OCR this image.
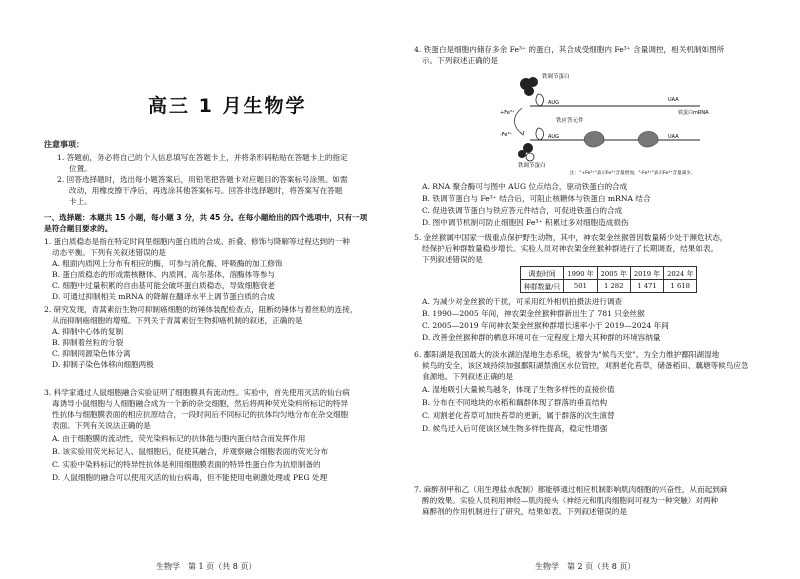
高三 1 月生物学
注意事项：

1. 答题前，务必将自己的个人信息填写在答题卡上，并将条形码粘贴在答题卡上的指定

位置。

2. 回答选择题时，选出每小题答案后，用铅笔把答题卡对应题目的答案标号涂黑。如需

改动，用橡皮擦干净后，再选涂其他答案标号。回答非选择题时，将答案写在答题

卡上。

一、选择题：本题共 15 小题，每小题 3 分，共 45 分。在每小题给出的四个选项中，只有一项

是符合题目要求的。

1. 蛋白质稳态是指在特定时间里细胞内蛋白质的合成、折叠、修饰与降解等过程达到的一种

动态平衡。下列有关叙述错误的是

A. 粗面内质网上分布有相应的酶，可参与消化酶、呼吸酶的加工修饰

B. 蛋白质稳态的形成需核糖体、内质网、高尔基体、溶酶体等参与

C. 细胞中过量积累的自由基可能会破坏蛋白质稳态，导致细胞衰老

D. 可通过抑制相关 mRNA 的降解在翻译水平上调节蛋白质的合成

2. 研究发现，青蒿素衍生物可抑制癌细胞的纺锤体装配检查点，阻断纺锤体与着丝粒的连接，

从而抑制癌细胞的增殖。下列关于青蒿素衍生物抑癌机制的叙述，正确的是

A. 抑制中心体的复制

B. 抑制着丝粒的分裂

C. 抑制同源染色体分离

D. 抑制子染色体移向细胞两极

3. 科学家通过人鼠细胞融合实验证明了细胞膜具有流动性。实验中，首先使用灭活的仙台病

毒诱导小鼠细胞与人细胞融合成为一个新的杂交细胞，然后将两种荧光染料所标记的特异

性抗体与细胞膜表面的相应抗原结合，一段时间后不同标记的抗体均匀地分布在杂交细胞

表面。下列有关说法正确的是

A. 由于细胞膜的流动性，荧光染料标记的抗体能与胞内蛋白结合而发挥作用

B. 该实验用荧光标记人、鼠细胞后，促使其融合，并观察融合细胞表面的荧光分布

C. 实验中染料标记的特异性抗体是利用细胞膜表面的特异性蛋白作为抗原制备的

D. 人鼠细胞的融合可以使用灭活的仙台病毒，但不能使用电刺激处理或 PEG 处理

生物学　第 1 页（共 8 页）

4. 铁蛋白是细胞内储存多余 Fe³⁺ 的蛋白，其合成受细胞内 Fe³⁺ 含量调控，相关机制如图所

示。下列叙述正确的是

铁调节蛋白
AUG	UAA
铁蛋白mRNA
+Fe³⁺
-Fe³⁺
铁应答元件
AUG	UAA
铁调节蛋白
注："+Fe³⁺"表示Fe³⁺含量增加，"-Fe³⁺"表示Fe³⁺含量减少。

A. RNA 聚合酶可与图中 AUG 位点结合，驱动铁蛋白的合成

B. 铁调节蛋白与 Fe³⁺ 结合后，可阻止核糖体与铁蛋白 mRNA 结合

C. 促进铁调节蛋白与铁应答元件结合，可促进铁蛋白的合成

D. 图中调节机制可防止细胞因 Fe³⁺ 积累过多对细胞造成损伤

5. 金丝猴属中国家一级重点保护野生动物，其中，神农架金丝猴曾因数量稀少处于濒危状态，

经保护后种群数量稳步增长。实验人员对神农架金丝猴种群进行了长期调查，结果如表。

下列叙述错误的是

调查时间	1990 年	2005 年	2019 年	2024 年
种群数量/只	501	1 282	1 471	1 618

A. 为减少对金丝猴的干扰，可采用红外相机拍摄法进行调查

B. 1990—2005 年间，神农架金丝猴种群新出生了 781 只金丝猴

C. 2005—2019 年间神农架金丝猴种群增长速率小于 2019—2024 年间

D. 改善金丝猴种群的栖息环境可在一定程度上增大其种群的环境容纳量

6. 鄱阳湖是我国最大的淡水湖泊湿地生态系统，被誉为"候鸟天堂"。为全力维护鄱阳湖湿地

候鸟的安全，该区域持续加强鄱阳湖禁渔区水位管控，刈割老化苔草，储备稻田、藕塘等候鸟应急

食源地。下列叙述正确的是

A. 湿地吸引大量候鸟越冬，体现了生物多样性的直接价值

B. 分布在不同地块的水稻和藕群体现了群落的垂直结构

C. 刈割老化苔草可加快苔草的更新，属于群落的次生演替

D. 候鸟迁入后可使该区域生物多样性提高，稳定性增强

7. 麻醉剂甲和乙（用生理盐水配制）都能够通过相应机制影响肌肉细胞的兴奋性，从而起到麻

醉的效果。实验人员利用神经—肌肉接头（神经元和肌肉细胞间可视为一种突触）对两种

麻醉剂的作用机制进行了研究，结果如表。下列叙述错误的是

生物学　第 2 页（共 8 页）
